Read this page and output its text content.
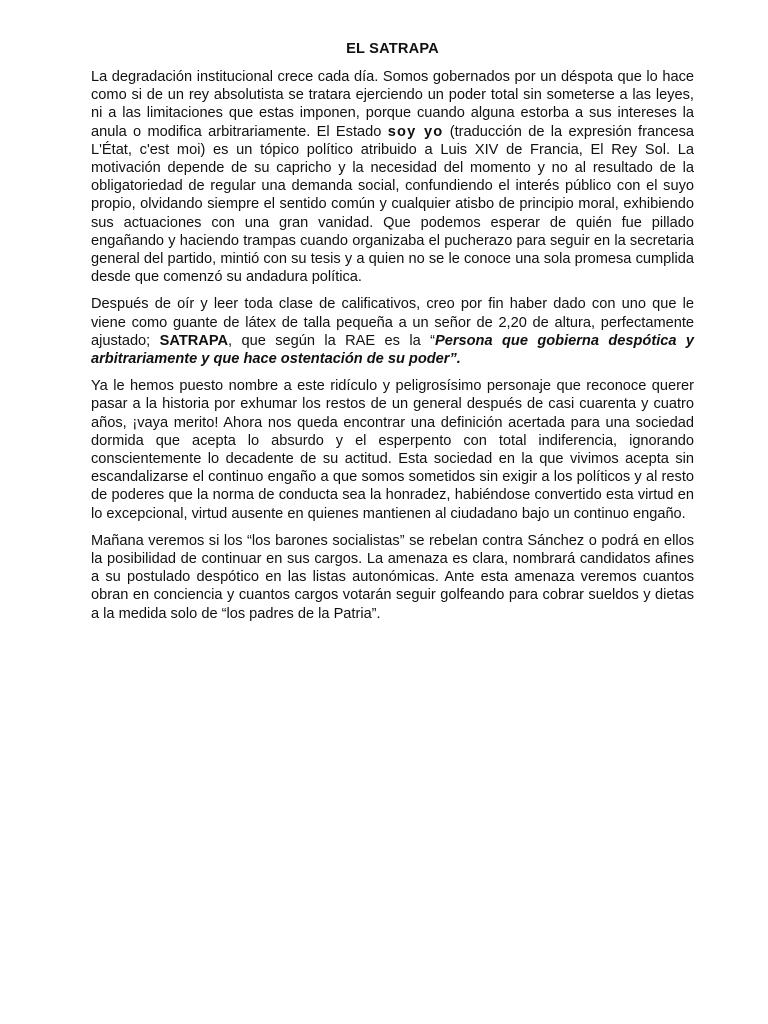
EL SATRAPA

La degradación institucional crece cada día. Somos gobernados por un déspota que lo hace como si de un rey absolutista se tratara ejerciendo un poder total sin someterse a las leyes, ni a las limitaciones que estas imponen, porque cuando alguna estorba a sus intereses la anula o modifica arbitrariamente. El Estado soy yo (traducción de la expresión francesa L'État, c'est moi) es un tópico político atribuido a Luis XIV de Francia, El Rey Sol. La motivación depende de su capricho y la necesidad del momento y no al resultado de la obligatoriedad de regular una demanda social, confundiendo el interés público con el suyo propio, olvidando siempre el sentido común y cualquier atisbo de principio moral, exhibiendo sus actuaciones con una gran vanidad. Que podemos esperar de quién fue pillado engañando y haciendo trampas cuando organizaba el pucherazo para seguir en la secretaria general del partido, mintió con su tesis y a quien no se le conoce una sola promesa cumplida desde que comenzó su andadura política.

Después de oír y leer toda clase de calificativos, creo por fin haber dado con uno que le viene como guante de látex de talla pequeña a un señor de 2,20 de altura, perfectamente ajustado; SATRAPA, que según la RAE es la “Persona que gobierna despótica y arbitrariamente y que hace ostentación de su poder”.

Ya le hemos puesto nombre a este ridículo y peligrosísimo personaje que reconoce querer pasar a la historia por exhumar los restos de un general después de casi cuarenta y cuatro años, ¡vaya merito! Ahora nos queda encontrar una definición acertada para una sociedad dormida que acepta lo absurdo y el esperpento con total indiferencia, ignorando conscientemente lo decadente de su actitud. Esta sociedad en la que vivimos acepta sin escandalizarse el continuo engaño a que somos sometidos sin exigir a los políticos y al resto de poderes que la norma de conducta sea la honradez, habiéndose convertido esta virtud en lo excepcional, virtud ausente en quienes mantienen al ciudadano bajo un continuo engaño.

Mañana veremos si los “los barones socialistas” se rebelan contra Sánchez o podrá en ellos la posibilidad de continuar en sus cargos. La amenaza es clara, nombrará candidatos afines a su postulado despótico en las listas autonómicas. Ante esta amenaza veremos cuantos obran en conciencia y cuantos cargos votarán seguir golfeando para cobrar sueldos y dietas a la medida solo de “los padres de la Patria”.
